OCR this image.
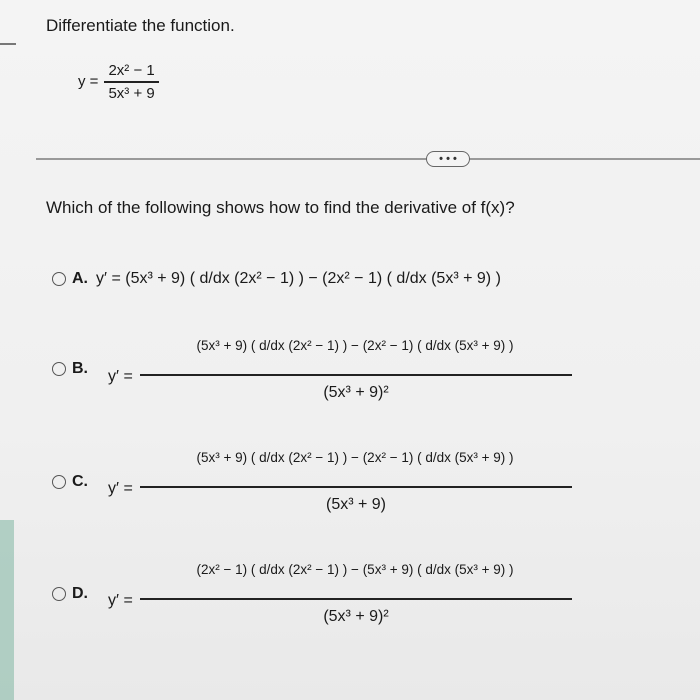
Differentiate the function.
$y = \frac{\text{2x² − 1}}{\text{5x³ + 9}}$
• • •
Which of the following shows how to find the derivative of f(x)?
A. y′ = (5x³ + 9) ( d/dx (2x² − 1) ) − (2x² − 1) ( d/dx (5x³ + 9) )
B. y′ =
(5x³ + 9) ( d/dx (2x² − 1) ) − (2x² − 1) ( d/dx (5x³ + 9) )
(5x³ + 9)²
C. y′ =
(5x³ + 9) ( d/dx (2x² − 1) ) − (2x² − 1) ( d/dx (5x³ + 9) )
(5x³ + 9)
D. y′ =
(2x² − 1) ( d/dx (2x² − 1) ) − (5x³ + 9) ( d/dx (5x³ + 9) )
(5x³ + 9)²
